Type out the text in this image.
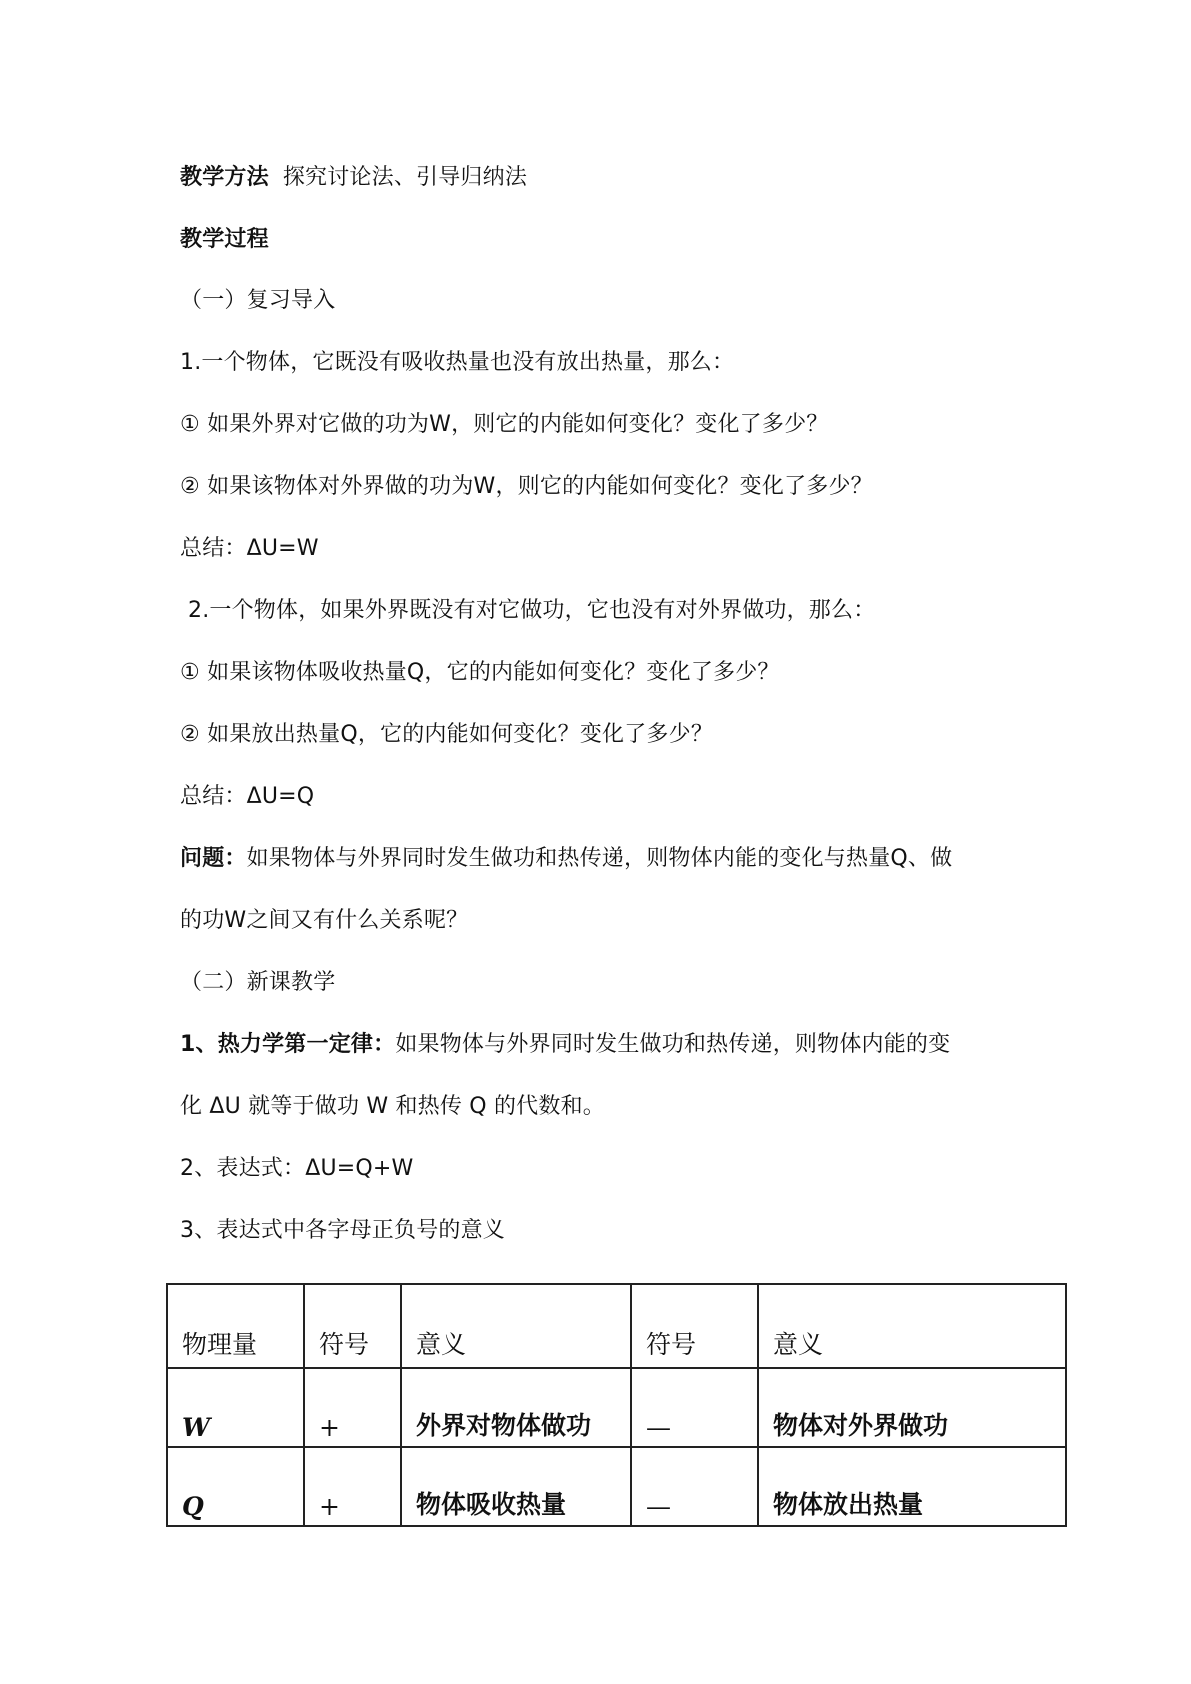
教学方法 探究讨论法、引导归纳法
教学过程
（一）复习导入
1.一个物体，它既没有吸收热量也没有放出热量，那么：
① 如果外界对它做的功为W，则它的内能如何变化？变化了多少？
② 如果该物体对外界做的功为W，则它的内能如何变化？变化了多少？
总结：ΔU=W
2.一个物体，如果外界既没有对它做功，它也没有对外界做功，那么：
① 如果该物体吸收热量Q，它的内能如何变化？变化了多少？
② 如果放出热量Q，它的内能如何变化？变化了多少？
总结：ΔU=Q
问题：如果物体与外界同时发生做功和热传递，则物体内能的变化与热量Q、做
的功W之间又有什么关系呢？
（二）新课教学
1、热力学第一定律：如果物体与外界同时发生做功和热传递，则物体内能的变
化 ΔU 就等于做功 W 和热传 Q 的代数和。
2、表达式：ΔU=Q+W
3、表达式中各字母正负号的意义
物理量	符号	意义	符号	意义
W	+	外界对物体做功	—	物体对外界做功
Q	+	物体吸收热量	—	物体放出热量
